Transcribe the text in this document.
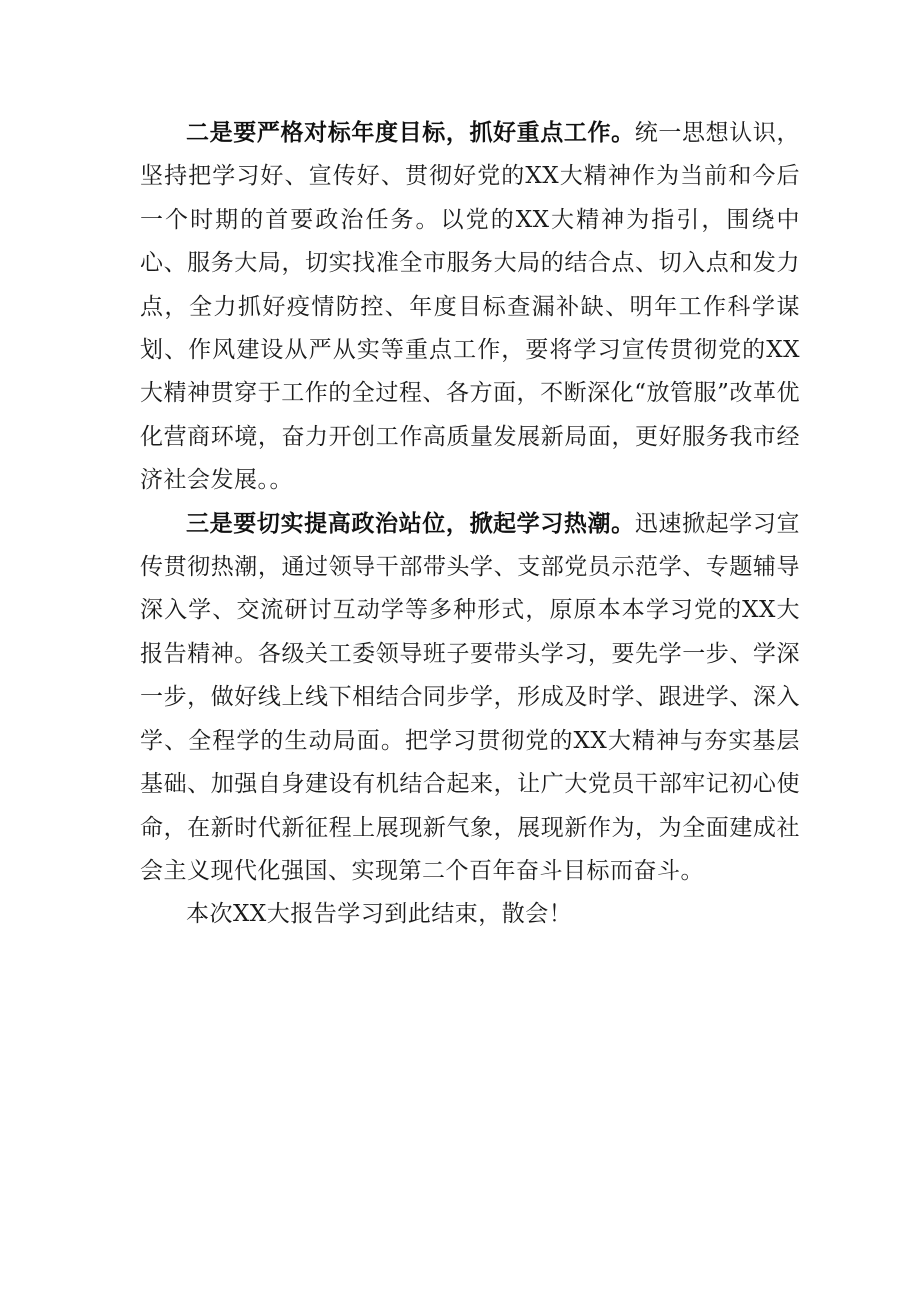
二是要严格对标年度目标，抓好重点工作。统一思想认识，坚持把学习好、宣传好、贯彻好党的XX大精神作为当前和今后一个时期的首要政治任务。以党的XX大精神为指引，围绕中心、服务大局，切实找准全市服务大局的结合点、切入点和发力点，全力抓好疫情防控、年度目标查漏补缺、明年工作科学谋划、作风建设从严从实等重点工作，要将学习宣传贯彻党的XX大精神贯穿于工作的全过程、各方面，不断深化“放管服”改革优化营商环境，奋力开创工作高质量发展新局面，更好服务我市经济社会发展。。

三是要切实提高政治站位，掀起学习热潮。迅速掀起学习宣传贯彻热潮，通过领导干部带头学、支部党员示范学、专题辅导深入学、交流研讨互动学等多种形式，原原本本学习党的XX大报告精神。各级关工委领导班子要带头学习，要先学一步、学深一步，做好线上线下相结合同步学，形成及时学、跟进学、深入学、全程学的生动局面。把学习贯彻党的XX大精神与夯实基层基础、加强自身建设有机结合起来，让广大党员干部牢记初心使命，在新时代新征程上展现新气象，展现新作为，为全面建成社会主义现代化强国、实现第二个百年奋斗目标而奋斗。

本次XX大报告学习到此结束，散会！
